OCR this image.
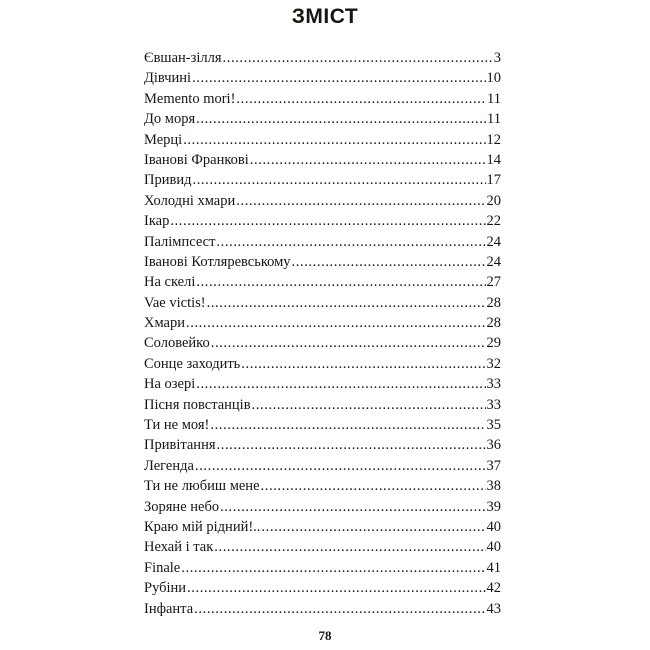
ЗМІСТ
Євшан-зілля .....	3
Дівчині .....	10
Memento mori! .....	11
До моря .....	11
Мерці .....	12
Іванові Франкові .....	14
Привид .....	17
Холодні хмари .....	20
Ікар .....	22
Палімпсест .....	24
Іванові Котляревському .....	24
На скелі .....	27
Vae victis! .....	28
Хмари .....	28
Соловейко .....	29
Сонце заходить .....	32
На озері .....	33
Пісня повстанців .....	33
Ти не моя! .....	35
Привітання .....	36
Легенда .....	37
Ти не любиш мене .....	38
Зоряне небо .....	39
Краю мій рідний!.. .....	40
Нехай і так .....	40
Finale .....	41
Рубіни .....	42
Інфанта .....	43
78
